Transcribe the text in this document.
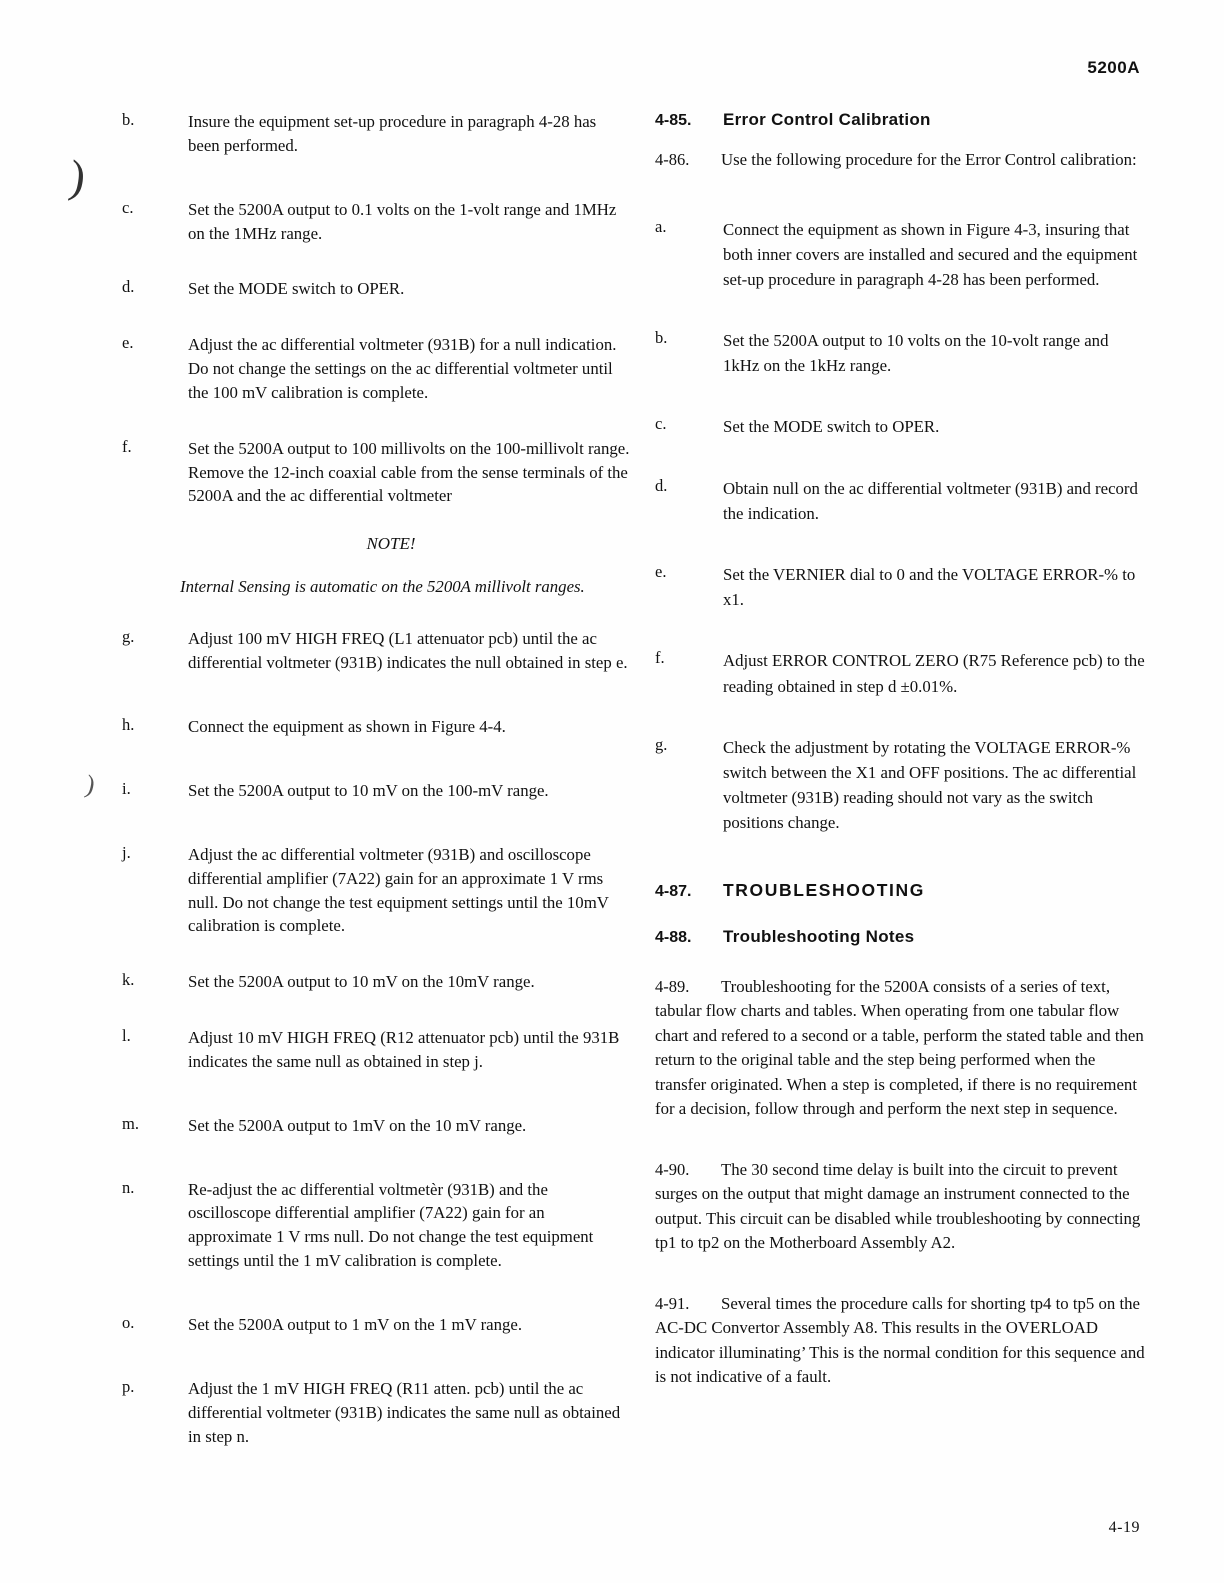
5200A
)
)
b.	Insure the equipment set-up procedure in paragraph 4-28 has been performed.
c.	Set the 5200A output to 0.1 volts on the 1-volt range and 1MHz on the 1MHz range.
d.	Set the MODE switch to OPER.
e.	Adjust the ac differential voltmeter (931B) for a null indication. Do not change the settings on the ac differential voltmeter until the 100 mV calibration is complete.
f.	Set the 5200A output to 100 millivolts on the 100-millivolt range. Remove the 12-inch coaxial cable from the sense terminals of the 5200A and the ac differential voltmeter
NOTE!
Internal Sensing is automatic on the 5200A millivolt ranges.
g.	Adjust 100 mV HIGH FREQ (L1 attenuator pcb) until the ac differential voltmeter (931B) indicates the null obtained in step e.
h.	Connect the equipment as shown in Figure 4-4.
i.	Set the 5200A output to 10 mV on the 100-mV range.
j.	Adjust the ac differential voltmeter (931B) and oscilloscope differential amplifier (7A22) gain for an approximate 1 V rms null. Do not change the test equipment settings until the 10mV calibration is complete.
k.	Set the 5200A output to 10 mV on the 10mV range.
l.	Adjust 10 mV HIGH FREQ (R12 attenuator pcb) until the 931B indicates the same null as obtained in step j.
m.	Set the 5200A output to 1mV on the 10 mV range.
n.	Re-adjust the ac differential voltmetèr (931B) and the oscilloscope differential amplifier (7A22) gain for an approximate 1 V rms null. Do not change the test equipment settings until the 1 mV calibration is complete.
o.	Set the 5200A output to 1 mV on the 1 mV range.
p.	Adjust the 1 mV HIGH FREQ (R11 atten. pcb) until the ac differential voltmeter (931B) indicates the same null as obtained in step n.
4-85.	Error Control Calibration
4-86. Use the following procedure for the Error Control calibration:
a.	Connect the equipment as shown in Figure 4-3, insuring that both inner covers are installed and secured and the equipment set-up procedure in paragraph 4-28 has been performed.
b.	Set the 5200A output to 10 volts on the 10-volt range and 1kHz on the 1kHz range.
c.	Set the MODE switch to OPER.
d.	Obtain null on the ac differential voltmeter (931B) and record the indication.
e.	Set the VERNIER dial to 0 and the VOLTAGE ERROR-% to x1.
f.	Adjust ERROR CONTROL ZERO (R75 Reference pcb) to the reading obtained in step d ±0.01%.
g.	Check the adjustment by rotating the VOLTAGE ERROR-% switch between the X1 and OFF positions. The ac differential voltmeter (931B) reading should not vary as the switch positions change.
4-87.	TROUBLESHOOTING
4-88.	Troubleshooting Notes
4-89. Troubleshooting for the 5200A consists of a series of text, tabular flow charts and tables. When operating from one tabular flow chart and refered to a second or a table, perform the stated table and then return to the original table and the step being performed when the transfer originated. When a step is completed, if there is no requirement for a decision, follow through and perform the next step in sequence.
4-90. The 30 second time delay is built into the circuit to prevent surges on the output that might damage an instrument connected to the output. This circuit can be disabled while troubleshooting by connecting tp1 to tp2 on the Motherboard Assembly A2.
4-91. Several times the procedure calls for shorting tp4 to tp5 on the AC-DC Convertor Assembly A8. This results in the OVERLOAD indicator illuminating’ This is the normal condition for this sequence and is not indicative of a fault.
4-19
